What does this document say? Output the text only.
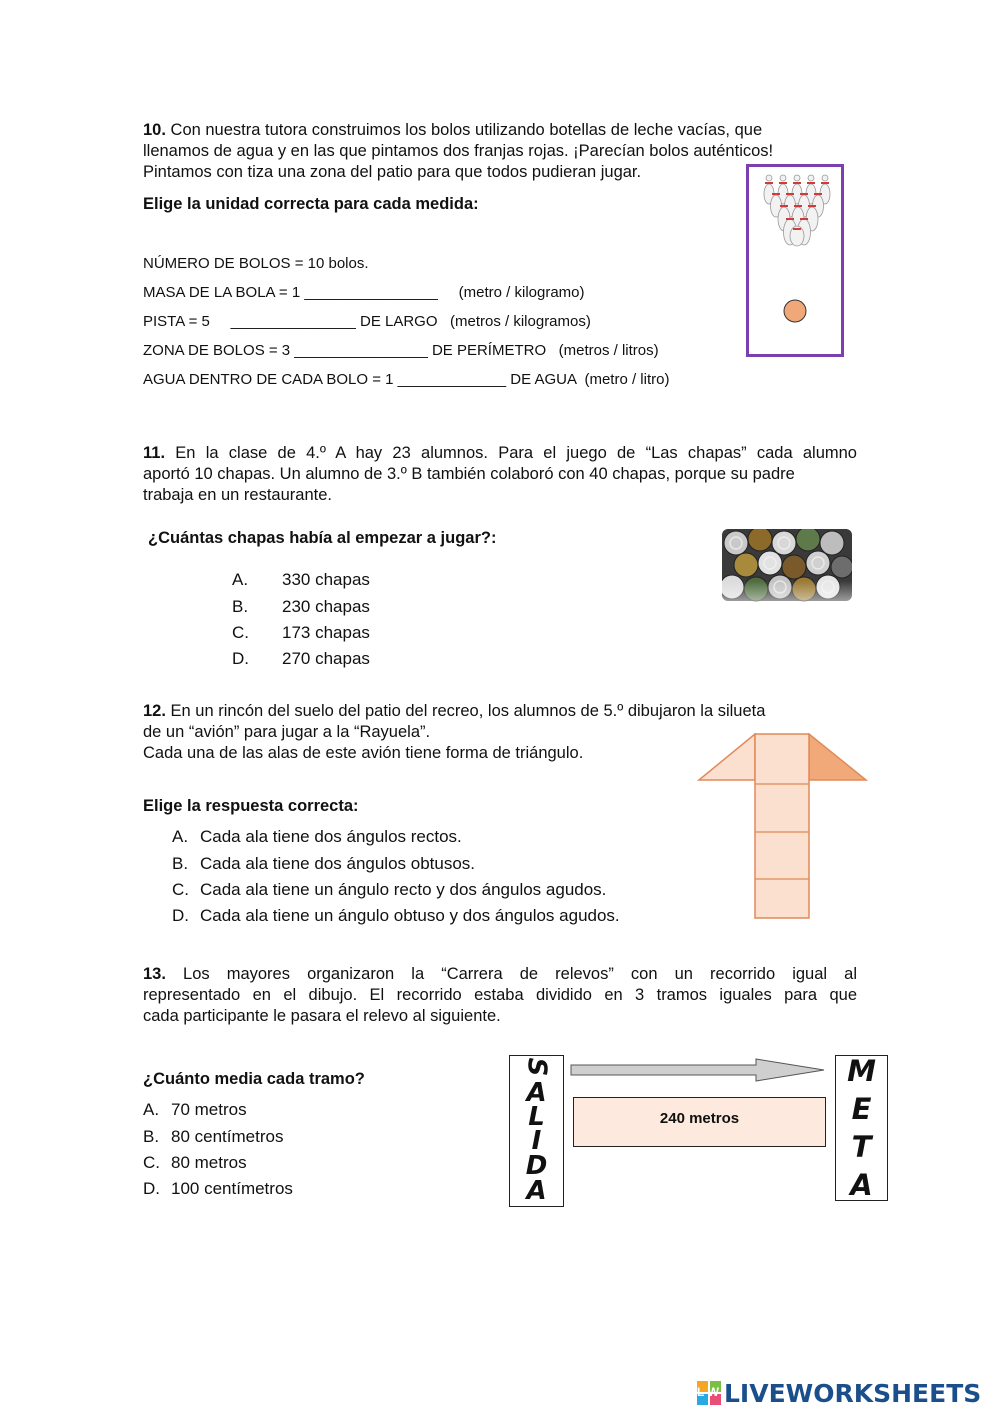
10. Con nuestra tutora construimos los bolos utilizando botellas de leche vacías, que
llenamos de agua y en las que pintamos dos franjas rojas. ¡Parecían bolos auténticos!
Pintamos con tiza una zona del patio para que todos pudieran jugar.
Elige la unidad correcta para cada medida:
NÚMERO DE BOLOS = 10 bolos.
MASA DE LA BOLA = 1 ________________     (metro / kilogramo)
PISTA = 5     _______________ DE LARGO   (metros / kilogramos)
ZONA DE BOLOS = 3 ________________ DE PERÍMETRO   (metros / litros)
AGUA DENTRO DE CADA BOLO = 1 _____________ DE AGUA  (metro / litro)
11. En la clase de 4.º A hay 23 alumnos. Para el juego de “Las chapas” cada alumno
aportó 10 chapas. Un alumno de 3.º B también colaboró con 40 chapas, porque su padre
trabaja en un restaurante.
¿Cuántas chapas había al empezar a jugar?:
A. 330 chapas
B. 230 chapas
C. 173 chapas
D. 270 chapas
12. En un rincón del suelo del patio del recreo, los alumnos de 5.º dibujaron la silueta
de un “avión” para jugar a la “Rayuela”.
Cada una de las alas de este avión tiene forma de triángulo.
Elige la respuesta correcta:
A. Cada ala tiene dos ángulos rectos.
B. Cada ala tiene dos ángulos obtusos.
C. Cada ala tiene un ángulo recto y dos ángulos agudos.
D. Cada ala tiene un ángulo obtuso y dos ángulos agudos.
13. Los mayores organizaron la “Carrera de relevos” con un recorrido igual al
representado en el dibujo. El recorrido estaba dividido en 3 tramos iguales para que
cada participante le pasara el relevo al siguiente.
¿Cuánto media cada tramo?
A. 70 metros
B. 80 centímetros
C. 80 metros
D. 100 centímetros
S
A
L
I
D
A
240 metros
M
E
T
A
LW LIVEWORKSHEETS
